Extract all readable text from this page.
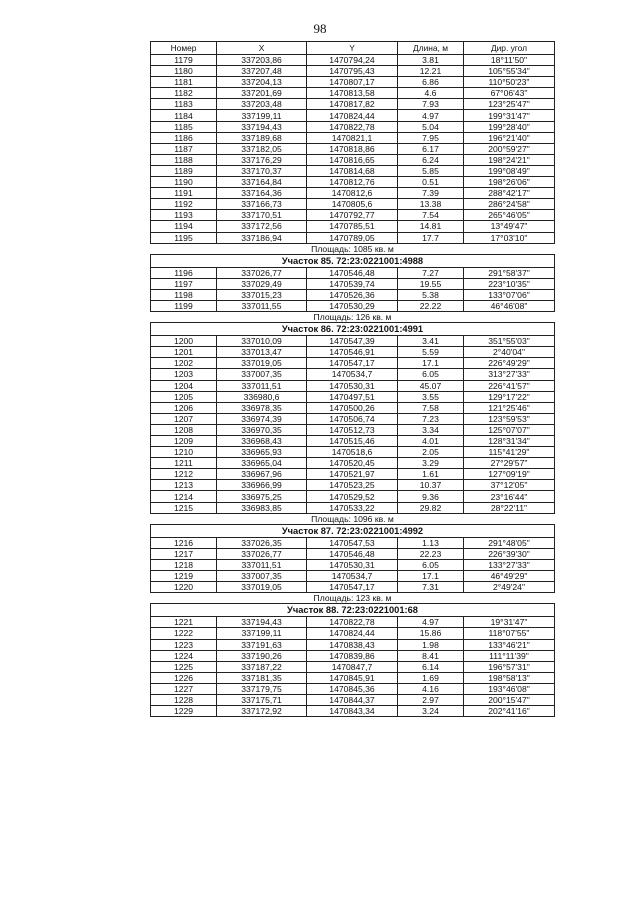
98
Номер	X	Y	Длина, м	Дир. угол
1179	337203,86	1470794,24	3.81	18°11'50"
1180	337207,48	1470795,43	12.21	105°55'34"
1181	337204,13	1470807,17	6.86	110°50'23"
1182	337201,69	1470813,58	4.6	67°06'43"
1183	337203,48	1470817,82	7.93	123°25'47"
1184	337199,11	1470824,44	4.97	199°31'47"
1185	337194,43	1470822,78	5.04	199°28'40"
1186	337189,68	1470821,1	7.95	196°21'40"
1187	337182,05	1470818,86	6.17	200°59'27"
1188	337176,29	1470816,65	6.24	198°24'21"
1189	337170,37	1470814,68	5.85	199°08'49"
1190	337164,84	1470812,76	0.51	198°26'06"
1191	337164,36	1470812,6	7.39	288°42'17"
1192	337166,73	1470805,6	13.38	286°24'58"
1193	337170,51	1470792,77	7.54	265°46'05"
1194	337172,56	1470785,51	14.81	13°49'47"
1195	337186,94	1470789,05	17.7	17°03'10"
Площадь: 1085 кв. м				
Участок 85. 72:23:0221001:4988				
1196	337026,77	1470546,48	7.27	291°58'37"
1197	337029,49	1470539,74	19.55	223°10'35"
1198	337015,23	1470526,36	5.38	133°07'06"
1199	337011,55	1470530,29	22.22	46°46'08"
Площадь: 126 кв. м				
Участок 86. 72:23:0221001:4991				
1200	337010,09	1470547,39	3.41	351°55'03"
1201	337013,47	1470546,91	5.59	2°40'04"
1202	337019,05	1470547,17	17.1	226°49'29"
1203	337007,35	1470534,7	6.05	313°27'33"
1204	337011,51	1470530,31	45.07	226°41'57"
1205	336980,6	1470497,51	3.55	129°17'22"
1206	336978,35	1470500,26	7.58	121°25'46"
1207	336974,39	1470506,74	7.23	123°59'53"
1208	336970,35	1470512,73	3.34	125°07'07"
1209	336968,43	1470515,46	4.01	128°31'34"
1210	336965,93	1470518,6	2.05	115°41'29"
1211	336965,04	1470520,45	3.29	27°29'57"
1212	336967,96	1470521,97	1.61	127°09'19"
1213	336966,99	1470523,25	10.37	37°12'05"
1214	336975,25	1470529,52	9.36	23°16'44"
1215	336983,85	1470533,22	29.82	28°22'11"
Площадь: 1096 кв. м				
Участок 87. 72:23:0221001:4992				
1216	337026,35	1470547,53	1.13	291°48'05"
1217	337026,77	1470546,48	22.23	226°39'30"
1218	337011,51	1470530,31	6.05	133°27'33"
1219	337007,35	1470534,7	17.1	46°49'29"
1220	337019,05	1470547,17	7.31	2°49'24"
Площадь: 123 кв. м				
Участок 88. 72:23:0221001:68				
1221	337194,43	1470822,78	4.97	19°31'47"
1222	337199,11	1470824,44	15.86	118°07'55"
1223	337191,63	1470838,43	1.98	133°46'21"
1224	337190,26	1470839,86	8.41	111°11'39"
1225	337187,22	1470847,7	6.14	196°57'31"
1226	337181,35	1470845,91	1.69	198°58'13"
1227	337179,75	1470845,36	4.16	193°46'08"
1228	337175,71	1470844,37	2.97	200°15'47"
1229	337172,92	1470843,34	3.24	202°41'16"
